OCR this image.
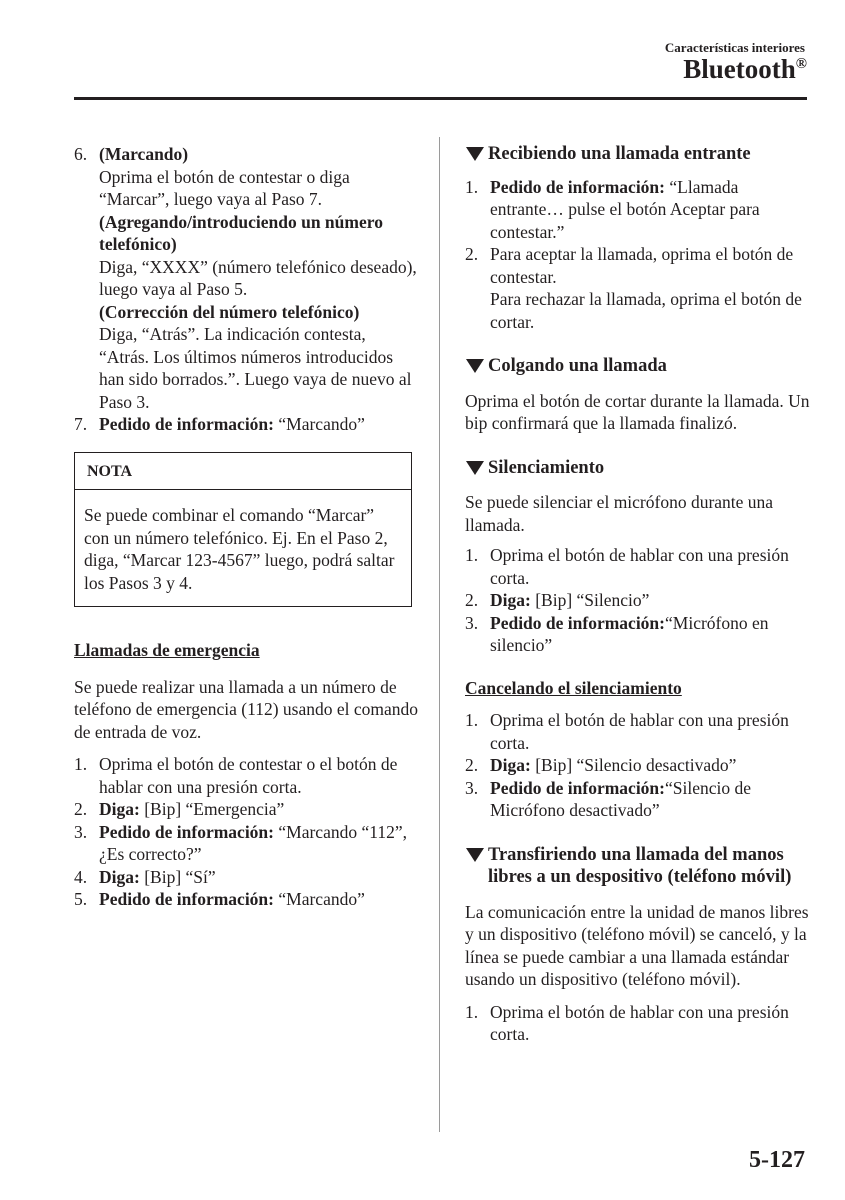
Características interiores
Bluetooth®
6. (Marcando)

Oprima el botón de contestar o diga “Marcar”, luego vaya al Paso 7.

(Agregando/introduciendo un número telefónico)

Diga, “XXXX” (número telefónico deseado), luego vaya al Paso 5.

(Corrección del número telefónico)

Diga, “Atrás”. La indicación contesta, “Atrás. Los últimos números introducidos han sido borrados.”. Luego vaya de nuevo al Paso 3.

7. Pedido de información: “Marcando”

NOTA
Se puede combinar el comando “Marcar” con un número telefónico. Ej. En el Paso 2, diga, “Marcar 123-4567” luego, podrá saltar los Pasos 3 y 4.

Llamadas de emergencia

Se puede realizar una llamada a un número de teléfono de emergencia (112) usando el comando de entrada de voz.

1. Oprima el botón de contestar o el botón de hablar con una presión corta.

2. Diga: [Bip] “Emergencia”

3. Pedido de información: “Marcando “112”, ¿Es correcto?”

4. Diga: [Bip] “Sí”

5. Pedido de información: “Marcando”

Recibiendo una llamada entrante
1. Pedido de información: “Llamada entrante… pulse el botón Aceptar para contestar.”

2. Para aceptar la llamada, oprima el botón de contestar.

Para rechazar la llamada, oprima el botón de cortar.

Colgando una llamada

Oprima el botón de cortar durante la llamada. Un bip confirmará que la llamada finalizó.

Silenciamiento

Se puede silenciar el micrófono durante una llamada.

1. Oprima el botón de hablar con una presión corta.

2. Diga: [Bip] “Silencio”

3. Pedido de información:“Micrófono en silencio”

Cancelando el silenciamiento

1. Oprima el botón de hablar con una presión corta.

2. Diga: [Bip] “Silencio desactivado”

3. Pedido de información:“Silencio de Micrófono desactivado”

Transfiriendo una llamada del manos libres a un despositivo (teléfono móvil)

La comunicación entre la unidad de manos libres y un dispositivo (teléfono móvil) se canceló, y la línea se puede cambiar a una llamada estándar usando un dispositivo (teléfono móvil).

1. Oprima el botón de hablar con una presión corta.

5-127
